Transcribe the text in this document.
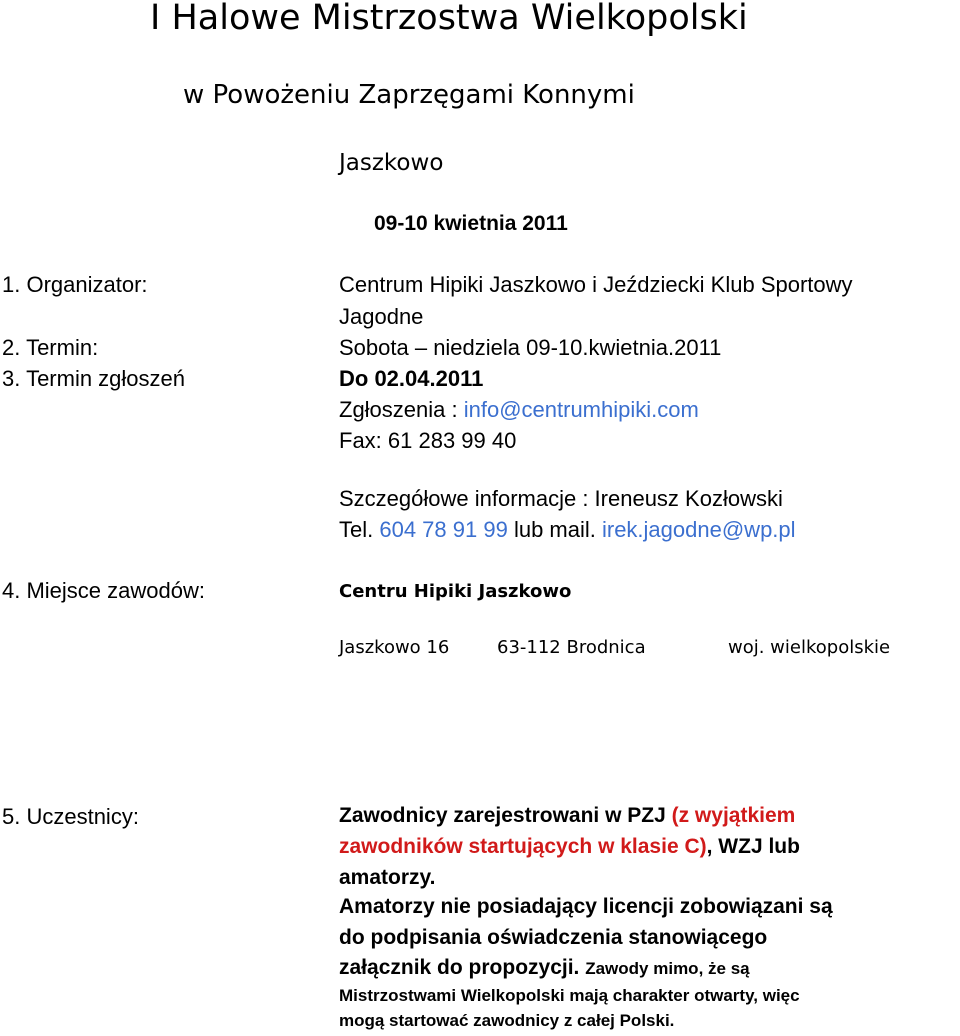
I Halowe Mistrzostwa Wielkopolski
w Powożeniu Zaprzęgami Konnymi
Jaszkowo
09-10 kwietnia 2011
1. Organizator:	Centrum Hipiki Jaszkowo i Jeździecki Klub Sportowy
Jagodne
2. Termin:	Sobota – niedziela 09-10.kwietnia.2011
3. Termin zgłoszeń	Do 02.04.2011
Zgłoszenia : info@centrumhipiki.com
Fax: 61 283 99 40
Szczegółowe informacje : Ireneusz Kozłowski
Tel. 604 78 91 99 lub mail. irek.jagodne@wp.pl
4. Miejsce zawodów:	Centru Hipiki Jaszkowo
Jaszkowo 16	63-112 Brodnica	woj. wielkopolskie
5. Uczestnicy:	Zawodnicy zarejestrowani w PZJ (z wyjątkiem
zawodników startujących w klasie C), WZJ lub
amatorzy.
Amatorzy nie posiadający licencji zobowiązani są
do podpisania oświadczenia stanowiącego
załącznik do propozycji. Zawody mimo, że są
Mistrzostwami Wielkopolski mają charakter otwarty, więc
mogą startować zawodnicy z całej Polski.
